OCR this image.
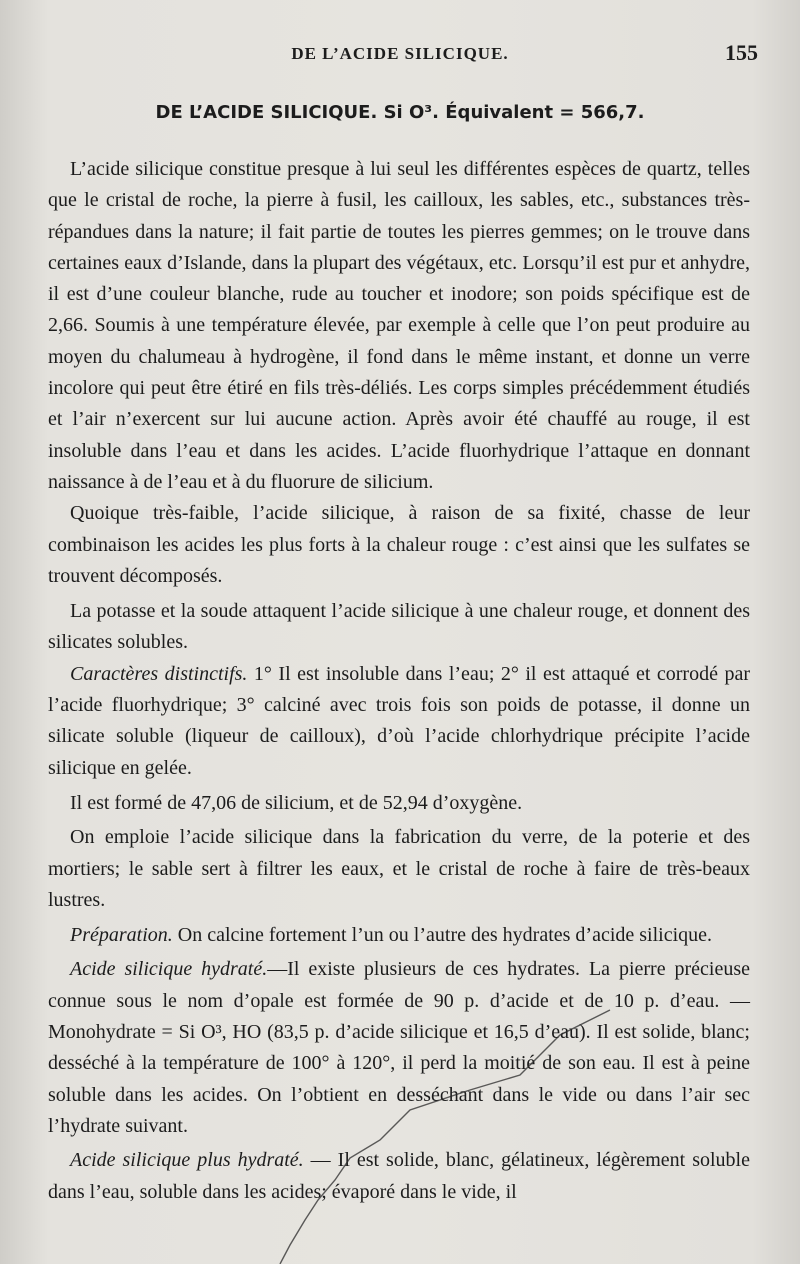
DE L’ACIDE SILICIQUE.	155
DE L’ACIDE SILICIQUE. Si O³. Équivalent = 566,7.

L’acide silicique constitue presque à lui seul les différentes espèces de quartz, telles que le cristal de roche, la pierre à fusil, les cailloux, les sables, etc., substances très-répandues dans la nature; il fait partie de toutes les pierres gemmes; on le trouve dans certaines eaux d’Islande, dans la plupart des végétaux, etc. Lorsqu’il est pur et anhydre, il est d’une couleur blanche, rude au toucher et inodore; son poids spécifique est de 2,66. Soumis à une température élevée, par exemple à celle que l’on peut produire au moyen du chalumeau à hydrogène, il fond dans le même instant, et donne un verre incolore qui peut être étiré en fils très-déliés. Les corps simples précédemment étudiés et l’air n’exercent sur lui aucune action. Après avoir été chauffé au rouge, il est insoluble dans l’eau et dans les acides. L’acide fluorhydrique l’attaque en donnant naissance à de l’eau et à du fluorure de silicium.

Quoique très-faible, l’acide silicique, à raison de sa fixité, chasse de leur combinaison les acides les plus forts à la chaleur rouge : c’est ainsi que les sulfates se trouvent décomposés.

La potasse et la soude attaquent l’acide silicique à une chaleur rouge, et donnent des silicates solubles.

Caractères distinctifs. 1° Il est insoluble dans l’eau; 2° il est attaqué et corrodé par l’acide fluorhydrique; 3° calciné avec trois fois son poids de potasse, il donne un silicate soluble (liqueur de cailloux), d’où l’acide chlorhydrique précipite l’acide silicique en gelée.

Il est formé de 47,06 de silicium, et de 52,94 d’oxygène.

On emploie l’acide silicique dans la fabrication du verre, de la poterie et des mortiers; le sable sert à filtrer les eaux, et le cristal de roche à faire de très-beaux lustres.

Préparation. On calcine fortement l’un ou l’autre des hydrates d’acide silicique.

Acide silicique hydraté.—Il existe plusieurs de ces hydrates. La pierre précieuse connue sous le nom d’opale est formée de 90 p. d’acide et de 10 p. d’eau. — Monohydrate = Si O³, HO (83,5 p. d’acide silicique et 16,5 d’eau). Il est solide, blanc; desséché à la température de 100° à 120°, il perd la moitié de son eau. Il est à peine soluble dans les acides. On l’obtient en desséchant dans le vide ou dans l’air sec l’hydrate suivant.

Acide silicique plus hydraté. — Il est solide, blanc, gélatineux, légèrement soluble dans l’eau, soluble dans les acides; évaporé dans le vide, il
